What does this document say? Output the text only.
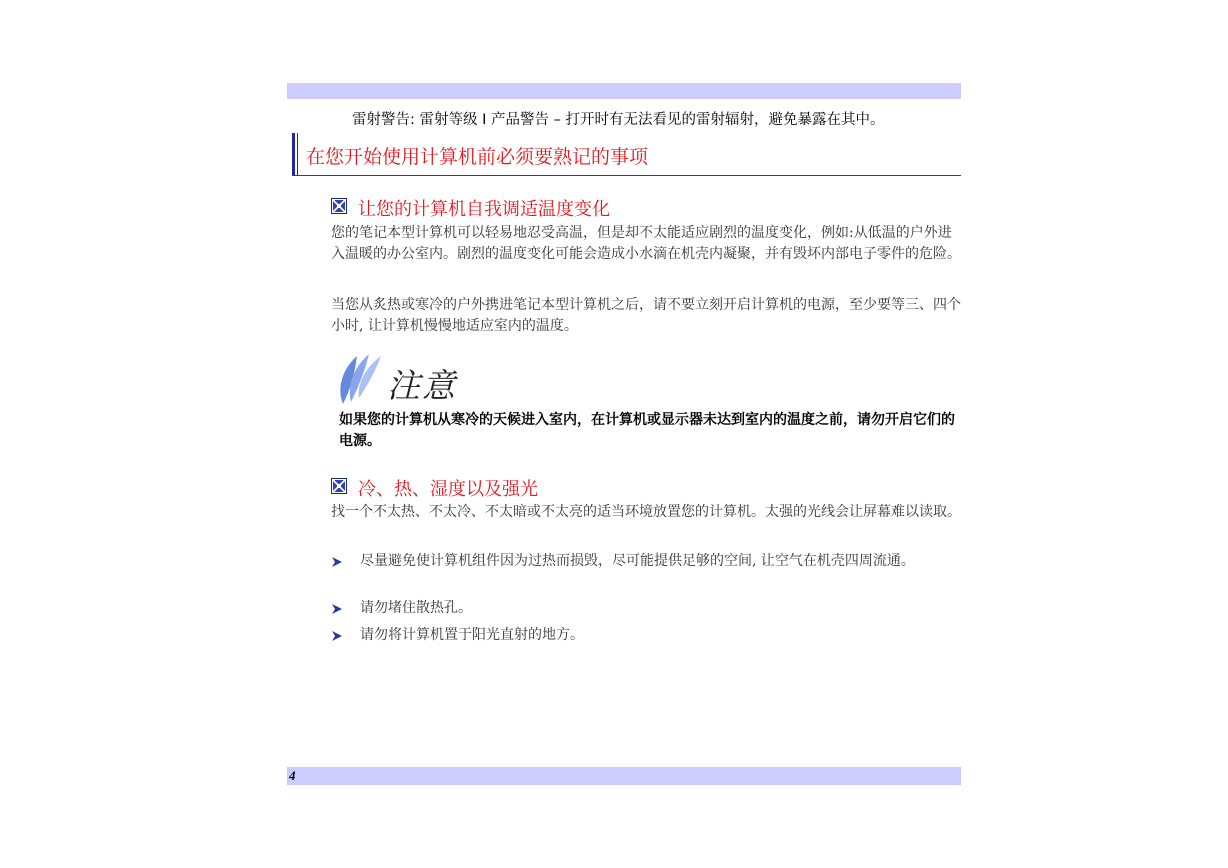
雷射警告: 雷射等级 I 产品警告 – 打开时有无法看见的雷射辐射，避免暴露在其中。
在您开始使用计算机前必须要熟记的事项
让您的计算机自我调适温度变化

您的笔记本型计算机可以轻易地忍受高温，但是却不太能适应剧烈的温度变化，例如:从低温的户外进入温暖的办公室内。剧烈的温度变化可能会造成小水滴在机壳内凝聚，并有毁坏内部电子零件的危险。

当您从炙热或寒冷的户外携进笔记本型计算机之后，请不要立刻开启计算机的电源，至少要等三、四个小时, 让计算机慢慢地适应室内的温度。

注意

如果您的计算机从寒冷的天候进入室内，在计算机或显示器未达到室内的温度之前，请勿开启它们的电源。

冷、热、湿度以及强光

找一个不太热、不太冷、不太暗或不太亮的适当环境放置您的计算机。太强的光线会让屏幕难以读取。

尽量避免使计算机组件因为过热而损毁，尽可能提供足够的空间, 让空气在机壳四周流通。
请勿堵住散热孔。
请勿将计算机置于阳光直射的地方。
4
